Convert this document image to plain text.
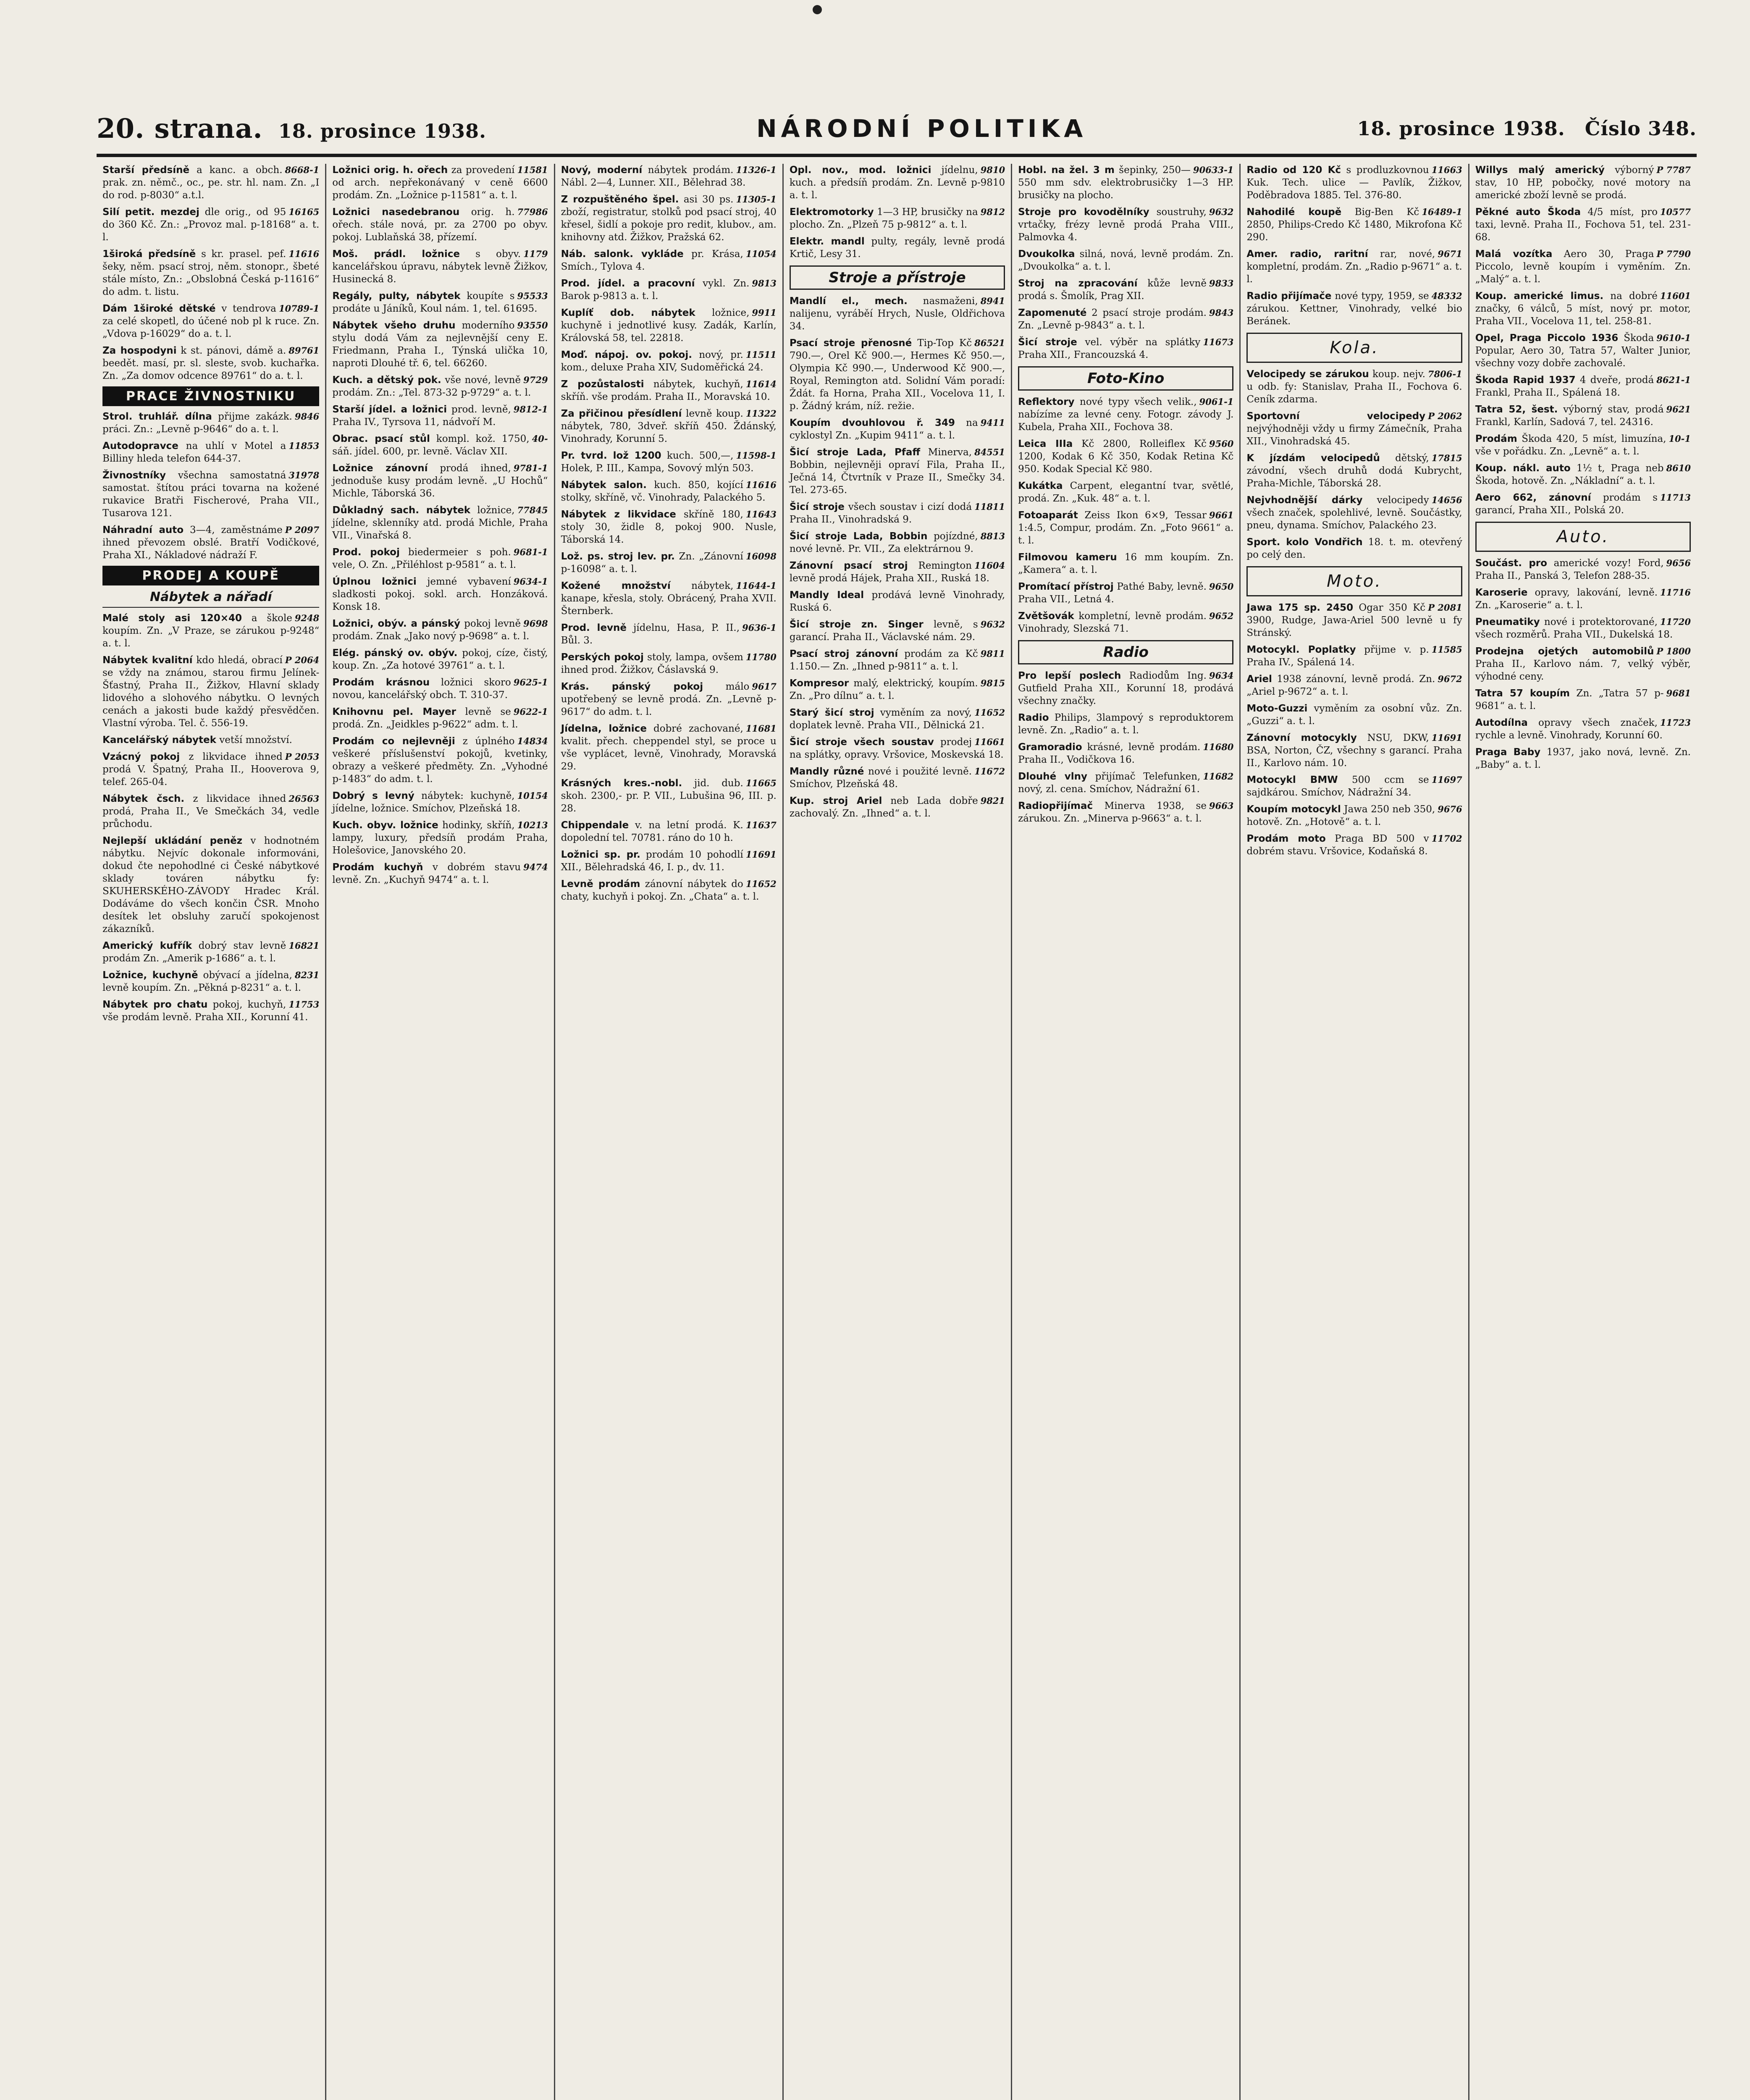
20. strana. 18. prosince 1938.	NÁRODNÍ POLITIKA	18. prosince 1938. Číslo 348.

8668-1
Starší předsíně a kanc. a obch. prak. zn. němč., oc., pe. str. hl. nam. Zn. „I do rod. p-8030“ a.t.l.

16165
Silí petit. mezdej dle orig., od 95 do 360 Kč. Zn.: „Provoz mal. p-18168“ a. t. l.

11616
1široká předsíně s kr. prasel. pef. šeky, něm. psací stroj, něm. stonopr., šbeté stále místo, Zn.: „Obslobná Česká p-11616“ do adm. t. listu.

10789-1
Dám 1široké dětské v tendrova za celé skopetl, do účené nob pl k ruce. Zn. „Vdova p-16029“ do a. t. l.

89761
Za hospodyni k st. pánovi, dámě a. beedět. masí, pr. sl. sleste, svob. kuchařka. Zn. „Za domov odcence 89761“ do a. t. l.

PRACE ŽIVNOSTNIKU

9846
Strol. truhlář. dílna přijme zakázk. práci. Zn.: „Levně p-9646“ do a. t. l.

11853
Autodopravce na uhlí v Motel a Billiny hleda telefon 644-37.

31978
Živnostníky všechna samostatná samostat. štítou práci tovarna na kožené rukavice Bratři Fischerové, Praha VII., Tusarova 121.

P 2097
Náhradní auto 3—4, zaměstnáme ihned převozem obslé. Bratří Vodičkové, Praha XI., Nákladové nádraží F.

PRODEJ A KOUPĚ
Nábytek a nářadí

9248
Malé stoly asi 120×40 a škole koupím. Zn. „V Praze, se zárukou p-9248“ a. t. l.

P 2064
Nábytek kvalitní kdo hledá, obrací se vždy na známou, starou firmu Jelínek-Šťastný, Praha II., Žižkov, Hlavní sklady lidového a slohového nábytku. O levných cenách a jakosti bude každý přesvědčen. Vlastní výroba. Tel. č. 556-19.

Kancelářský nábytek vetší množství.

P 2053
Vzácný pokoj z likvidace ihned prodá V. Špatný, Praha II., Hooverova 9, telef. 265-04.

26563
Nábytek čsch. z likvidace ihned prodá, Praha II., Ve Smečkách 34, vedle průchodu.

Nejlepší ukládání peněz v hodnotném nábytku. Nejvíc dokonale informováni, dokud čte nepohodlné ci České nábytkové sklady továren nábytku fy: SKUHERSKÉHO-ZÁVODY Hradec Král. Dodáváme do všech končin ČSR. Mnoho desítek let obsluhy zaručí spokojenost zákazníků.

16821
Americký kufřík dobrý stav levně prodám Zn. „Amerik p-1686“ a. t. l.

8231
Ložnice, kuchyně obývací a jídelna, levně koupím. Zn. „Pěkná p-8231“ a. t. l.

11753
Nábytek pro chatu pokoj, kuchyň, vše prodám levně. Praha XII., Korunní 41.

11581
Ložnici orig. h. ořech za provedení od arch. nepřekonávaný v ceně 6600 prodám. Zn. „Ložnice p-11581“ a. t. l.

77986
Ložnici nasedebranou orig. h. ořech. stále nová, pr. za 2700 po obyv. pokoj. Lublaňská 38, přízemí.

1179
Moš. prádl. ložnice s obyv. kancelářskou úpravu, nábytek levně Žižkov, Husinecká 8.

95533
Regály, pulty, nábytek koupíte s prodáte u Jáníků, Koul nám. 1, tel. 61695.

93550
Nábytek všeho druhu moderního stylu dodá Vám za nejlevnější ceny E. Friedmann, Praha I., Týnská ulička 10, naproti Dlouhé tř. 6, tel. 66260.

9729
Kuch. a dětský pok. vše nové, levně prodám. Zn.: „Tel. 873-32 p-9729“ a. t. l.

9812-1
Starší jídel. a ložnici prod. levně, Praha IV., Tyrsova 11, nádvoří M.

40-
Obrac. psací stůl kompl. kož. 1750, sáň. jídel. 600, pr. levně. Václav XII.

9781-1
Ložnice zánovní prodá ihned, jednoduše kusy prodám levně. „U Hochů“ Michle, Táborská 36.

77845
Důkladný sach. nábytek ložnice, jídelne, sklenníky atd. prodá Michle, Praha VII., Vinařská 8.

9681-1
Prod. pokoj biedermeier s poh. vele, O. Zn. „Přiléhlost p-9581“ a. t. l.

9634-1
Úplnou ložnici jemné vybavení sladkosti pokoj. sokl. arch. Honzáková. Konsk 18.

9698
Ložnici, obýv. a pánský pokoj levně prodám. Znak „Jako nový p-9698“ a. t. l.

Elég. pánský ov. obýv. pokoj, cíze, čistý, koup. Zn. „Za hotové 39761“ a. t. l.

9625-1
Prodám krásnou ložnici skoro novou, kancelářský obch. T. 310-37.

9622-1
Knihovnu pel. Mayer levně se prodá. Zn. „Jeidkles p-9622“ adm. t. l.

14834
Prodám co nejlevněji z úplného veškeré příslušenství pokojů, kvetinky, obrazy a veškeré předměty. Zn. „Vyhodné p-1483“ do adm. t. l.

10154
Dobrý s levný nábytek: kuchyně, jídelne, ložnice. Smíchov, Plzeňská 18.

10213
Kuch. obyv. ložnice hodinky, skříň, lampy, luxury, předsíň prodám Praha, Holešovice, Janovského 20.

9474
Prodám kuchyň v dobrém stavu levně. Zn. „Kuchyň 9474“ a. t. l.

11326-1
Nový, moderní nábytek prodám. Nábl. 2—4, Lunner. XII., Bělehrad 38.

11305-1
Z rozpuštěného špel. asi 30 ps. zboží, registratur, stolků pod psací stroj, 40 křesel, šidlí a pokoje pro redit, klubov., am. knihovny atd. Žižkov, Pražská 62.

11054
Náb. salonk. vykláde pr. Krása, Smích., Tylova 4.

9813
Prod. jídel. a pracovní vykl. Zn. Barok p-9813 a. t. l.

9911
Kuplíť dob. nábytek ložnice, kuchyně i jednotlivé kusy. Zadák, Karlín, Královská 58, tel. 22818.

11511
Moď. nápoj. ov. pokoj. nový, pr. kom., deluxe Praha XIV, Sudoměřická 24.

11614
Z pozůstalosti nábytek, kuchyň, skříň. vše prodám. Praha II., Moravská 10.

11322
Za přičinou přesídlení levně koup. nábytek, 780, 3dveř. skříň 450. Ždánský, Vinohrady, Korunní 5.

11598-1
Pr. tvrd. lož 1200 kuch. 500,—, Holek, P. III., Kampa, Sovový mlýn 503.

11616
Nábytek salon. kuch. 850, kojící stolky, skříně, vč. Vinohrady, Palackého 5.

11643
Nábytek z likvidace skříně 180, stoly 30, židle 8, pokoj 900. Nusle, Táborská 14.

16098
Lož. ps. stroj lev. pr. Zn. „Zánovní p-16098“ a. t. l.

11644-1
Kožené množství nábytek, kanape, křesla, stoly. Obrácený, Praha XVII. Šternberk.

9636-1
Prod. levně jídelnu, Hasa, P. II., Bůl. 3.

11780
Perských pokoj stoly, lampa, ovšem ihned prod. Žižkov, Čáslavská 9.

9617
Krás. pánský pokoj málo upotřebený se levně prodá. Zn. „Levně p-9617“ do adm. t. l.

11681
Jídelna, ložnice dobré zachované, kvalit. přech. cheppendel styl, se proce u vše vyplácet, levně, Vinohrady, Moravská 29.

11665
Krásných kres.-nobl. jid. dub. skoh. 2300,- pr. P. VII., Lubušina 96, III. p. 28.

11637
Chippendale v. na letní prodá. K. dopolední tel. 70781. ráno do 10 h.

11691
Ložnici sp. pr. prodám 10 pohodlí XII., Bělehradská 46, I. p., dv. 11.

11652
Levně prodám zánovní nábytek do chaty, kuchyň i pokoj. Zn. „Chata“ a. t. l.

9810
Opl. nov., mod. ložnici jídelnu, kuch. a předsíň prodám. Zn. Levně p-9810 a. t. l.

9812
Elektromotorky 1—3 HP, brusičky na plocho. Zn. „Plzeň 75 p-9812“ a. t. l.

Elektr. mandl pulty, regály, levně prodá Krtič, Lesy 31.

Stroje a přístroje

8941
Mandlí el., mech. nasmaženi, nalijenu, vyráběí Hrych, Nusle, Oldřichova 34.

86521
Psací stroje přenosné Tip-Top Kč 790.—, Orel Kč 900.—, Hermes Kč 950.—, Olympia Kč 990.—, Underwood Kč 900.—, Royal, Remington atd. Solidní Vám poradí: Ždát. fa Horna, Praha XII., Vocelova 11, I. p. Žádný krám, níž. režie.

9411
Koupím dvouhlovou ř. 349 na cyklostyl Zn. „Kupim 9411“ a. t. l.

84551
Šicí stroje Lada, Pfaff Minerva, Bobbin, nejlevněji opraví Fila, Praha II., Ječná 14, Čtvrtník v Praze II., Smečky 34. Tel. 273-65.

11811
Šicí stroje všech soustav i cizí dodá Praha II., Vinohradská 9.

8813
Šicí stroje Lada, Bobbin pojízdné, nové levně. Pr. VII., Za elektrárnou 9.

11604
Zánovní psací stroj Remington levně prodá Hájek, Praha XII., Ruská 18.

Mandly Ideal prodává levně Vinohrady, Ruská 6.

9632
Šicí stroje zn. Singer levně, s garancí. Praha II., Václavské nám. 29.

9811
Psací stroj zánovní prodám za Kč 1.150.— Zn. „Ihned p-9811“ a. t. l.

9815
Kompresor malý, elektrický, koupím. Zn. „Pro dílnu“ a. t. l.

11652
Starý šicí stroj vyměním za nový, doplatek levně. Praha VII., Dělnická 21.

11661
Šicí stroje všech soustav prodej na splátky, opravy. Vršovice, Moskevská 18.

11672
Mandly různé nové i použité levně. Smíchov, Plzeňská 48.

9821
Kup. stroj Ariel neb Lada dobře zachovalý. Zn. „Ihned“ a. t. l.

90633-1
Hobl. na žel. 3 m šepinky, 250—550 mm sdv. elektrobrusičky 1—3 HP. brusičky na plocho.

9632
Stroje pro kovodělníky soustruhy, vrtačky, frézy levně prodá Praha VIII., Palmovka 4.

Dvoukolka silná, nová, levně prodám. Zn. „Dvoukolka“ a. t. l.

9833
Stroj na zpracování kůže levně prodá s. Šmolík, Prag XII.

9843
Zapomenuté 2 psací stroje prodám. Zn. „Levně p-9843“ a. t. l.

11673
Šicí stroje vel. výběr na splátky Praha XII., Francouzská 4.

Foto-Kino

9061-1
Reflektory nové typy všech velik., nabízíme za levné ceny. Fotogr. závody J. Kubela, Praha XII., Fochova 38.

9560
Leica IIIa Kč 2800, Rolleiflex Kč 1200, Kodak 6 Kč 350, Kodak Retina Kč 950. Kodak Special Kč 980.

Kukátka Carpent, elegantní tvar, světlé, prodá. Zn. „Kuk. 48“ a. t. l.

9661
Fotoaparát Zeiss Ikon 6×9, Tessar 1:4.5, Compur, prodám. Zn. „Foto 9661“ a. t. l.

Filmovou kameru 16 mm koupím. Zn. „Kamera“ a. t. l.

9650
Promítací přístroj Pathé Baby, levně. Praha VII., Letná 4.

9652
Zvětšovák kompletní, levně prodám. Vinohrady, Slezská 71.

Radio

9634
Pro lepší poslech Radiodům Ing. Gutfield Praha XII., Korunní 18, prodává všechny značky.

Radio Philips, 3lampový s reproduktorem levně. Zn. „Radio“ a. t. l.

11680
Gramoradio krásné, levně prodám. Praha II., Vodičkova 16.

11682
Dlouhé vlny přijímač Telefunken, nový, zl. cena. Smíchov, Nádražní 61.

9663
Radiopřijímač Minerva 1938, se zárukou. Zn. „Minerva p-9663“ a. t. l.

11663
Radio od 120 Kč s prodluzkovnou Kuk. Tech. ulice — Pavlík, Žižkov, Poděbradova 1885. Tel. 376-80.

16489-1
Nahodilé koupě Big-Ben Kč 2850, Philips-Credo Kč 1480, Mikrofona Kč 290.

9671
Amer. radio, raritní rar, nové, kompletní, prodám. Zn. „Radio p-9671“ a. t. l.

48332
Radio přijímače nové typy, 1959, se zárukou. Kettner, Vinohrady, velké bio Beránek.

Kola.

7806-1
Velocipedy se zárukou koup. nejv. u odb. fy: Stanislav, Praha II., Fochova 6. Ceník zdarma.

P 2062
Sportovní velocipedy nejvýhodněji vždy u firmy Zámečník, Praha XII., Vinohradská 45.

17815
K jízdám velocipedů dětský, závodní, všech druhů dodá Kubrycht, Praha-Michle, Táborská 28.

14656
Nejvhodnější dárky velocipedy všech značek, spolehlivé, levně. Součástky, pneu, dynama. Smíchov, Palackého 23.

Sport. kolo Vondřich 18. t. m. otevřený po celý den.

Moto.

P 2081
Jawa 175 sp. 2450 Ogar 350 Kč 3900, Rudge, Jawa-Ariel 500 levně u fy Stránský.

11585
Motocykl. Poplatky přijme v. p. Praha IV., Spálená 14.

9672
Ariel 1938 zánovní, levně prodá. Zn. „Ariel p-9672“ a. t. l.

Moto-Guzzi vyměním za osobní vůz. Zn. „Guzzi“ a. t. l.

11691
Zánovní motocykly NSU, DKW, BSA, Norton, ČZ, všechny s garancí. Praha II., Karlovo nám. 10.

11697
Motocykl BMW 500 ccm se sajdkárou. Smíchov, Nádražní 34.

9676
Koupím motocykl Jawa 250 neb 350, hotově. Zn. „Hotově“ a. t. l.

11702
Prodám moto Praga BD 500 v dobrém stavu. Vršovice, Kodaňská 8.

P 7787
Willys malý americký výborný stav, 10 HP, pobočky, nové motory na americké zboží levně se prodá.

10577
Pěkné auto Škoda 4/5 míst, pro taxi, levně. Praha II., Fochova 51, tel. 231-68.

P 7790
Malá vozítka Aero 30, Praga Piccolo, levně koupím i vyměním. Zn. „Malý“ a. t. l.

11601
Koup. americké limus. na dobré značky, 6 válců, 5 míst, nový pr. motor, Praha VII., Vocelova 11, tel. 258-81.

9610-1
Opel, Praga Piccolo 1936 Škoda Popular, Aero 30, Tatra 57, Walter Junior, všechny vozy dobře zachovalé.

8621-1
Škoda Rapid 1937 4 dveře, prodá Frankl, Praha II., Spálená 18.

9621
Tatra 52, šest. výborný stav, prodá Frankl, Karlín, Sadová 7, tel. 24316.

10-1
Prodám Škoda 420, 5 míst, limuzína, vše v pořádku. Zn. „Levně“ a. t. l.

8610
Koup. nákl. auto 1½ t, Praga neb Škoda, hotově. Zn. „Nákladní“ a. t. l.

11713
Aero 662, zánovní prodám s garancí, Praha XII., Polská 20.

Auto.

9656
Součást. pro americké vozy! Ford, Praha II., Panská 3, Telefon 288-35.

11716
Karoserie opravy, lakování, levně. Zn. „Karoserie“ a. t. l.

11720
Pneumatiky nové i protektorované, všech rozměrů. Praha VII., Dukelská 18.

P 1800
Prodejna ojetých automobilů Praha II., Karlovo nám. 7, velký výběr, výhodné ceny.

9681
Tatra 57 koupím Zn. „Tatra 57 p-9681“ a. t. l.

11723
Autodílna opravy všech značek, rychle a levně. Vinohrady, Korunní 60.

Praga Baby 1937, jako nová, levně. Zn. „Baby“ a. t. l.
